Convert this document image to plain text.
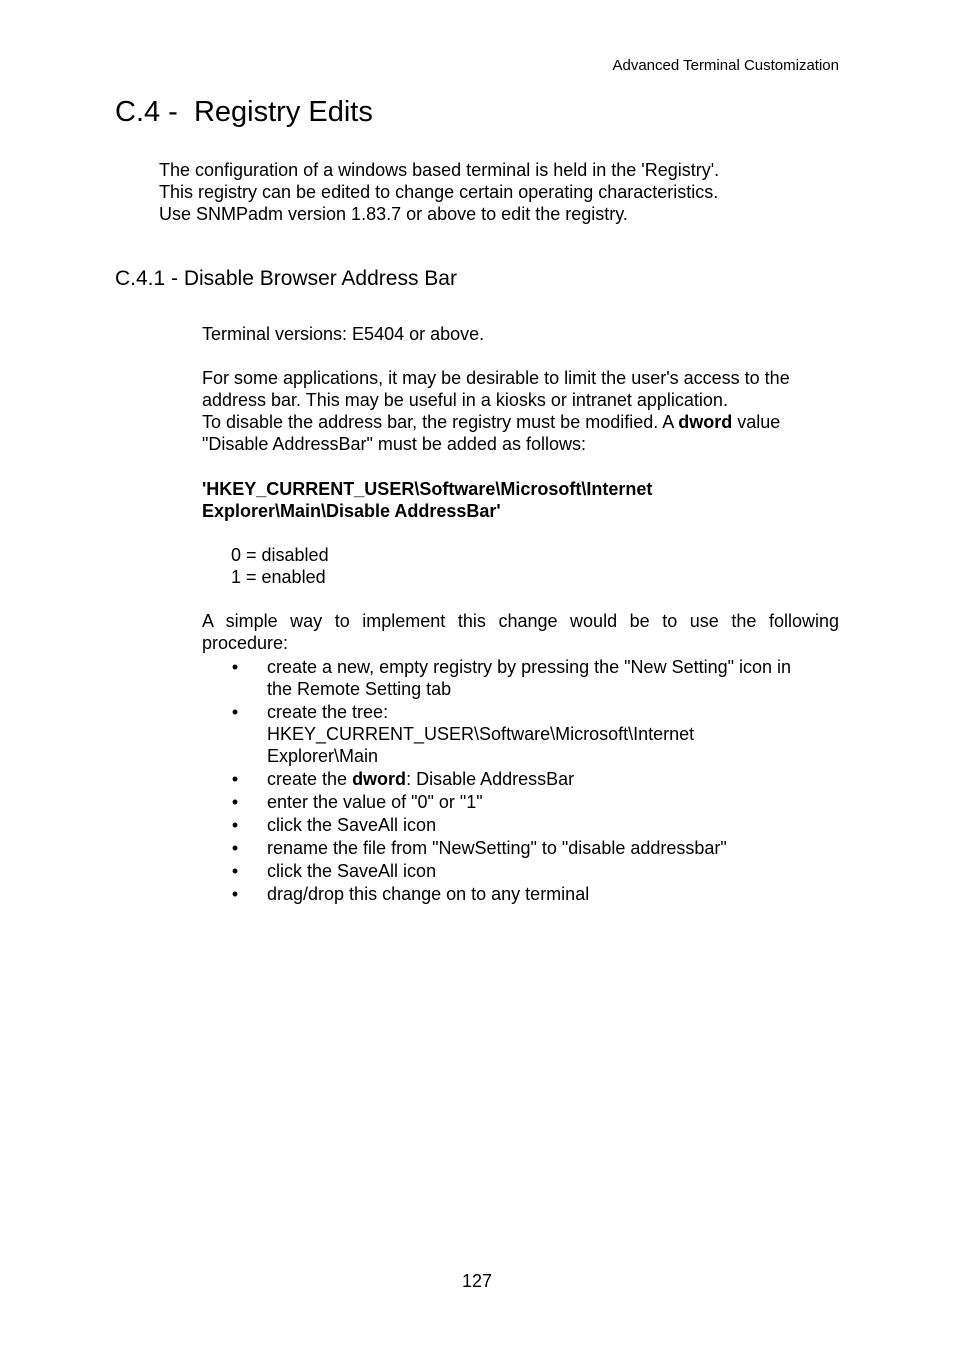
Advanced Terminal Customization
C.4 -  Registry Edits
The configuration of a windows based terminal is held in the 'Registry'.
This registry can be edited to change certain operating characteristics.
Use SNMPadm version 1.83.7 or above to edit the registry.
C.4.1 - Disable Browser Address Bar
Terminal versions: E5404 or above.
For some applications, it may be desirable to limit the user's access to the
address bar. This may be useful in a kiosks or intranet application.
To disable the address bar, the registry must be modified. A dword value
"Disable AddressBar" must be added as follows:
'HKEY_CURRENT_USER\Software\Microsoft\Internet
Explorer\Main\Disable AddressBar'
0 = disabled
1 = enabled
A simple way to implement this change would be to use the following
procedure:
• create a new, empty registry by pressing the "New Setting" icon in
the Remote Setting tab
• create the tree:
HKEY_CURRENT_USER\Software\Microsoft\Internet
Explorer\Main
• create the dword: Disable AddressBar
• enter the value of "0" or "1"
• click the SaveAll icon
• rename the file from "NewSetting" to "disable addressbar"
• click the SaveAll icon
• drag/drop this change on to any terminal
127
